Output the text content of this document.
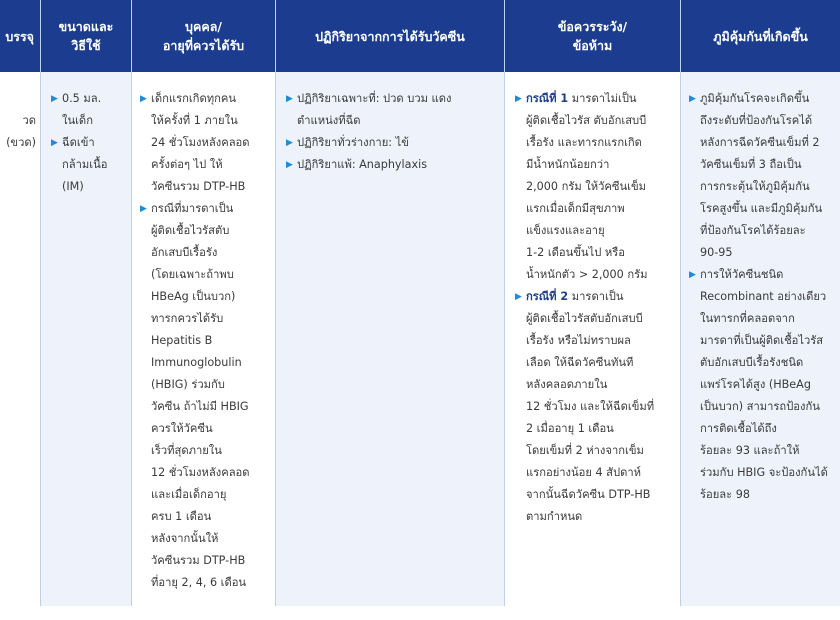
บรรจุ
วด
(ขวด)
ขนาดและ
วิธีใช้
▶ 0.5 มล.
ในเด็ก
▶ ฉีดเข้า
กล้ามเนื้อ
(IM)
บุคคล/
อายุที่ควรได้รับ
▶ เด็กแรกเกิดทุกคน
ให้ครั้งที่ 1 ภายใน
24 ชั่วโมงหลังคลอด
ครั้งต่อๆ ไป ให้
วัคซีนรวม DTP-HB
▶ กรณีที่มารดาเป็น
ผู้ติดเชื้อไวรัสตับ
อักเสบบีเรื้อรัง
(โดยเฉพาะถ้าพบ
HBeAg เป็นบวก)
ทารกควรได้รับ
Hepatitis B
Immunoglobulin
(HBIG) ร่วมกับ
วัคซีน ถ้าไม่มี HBIG
ควรให้วัคซีน
เร็วที่สุดภายใน
12 ชั่วโมงหลังคลอด
และเมื่อเด็กอายุ
ครบ 1 เดือน
หลังจากนั้นให้
วัคซีนรวม DTP-HB
ที่อายุ 2, 4, 6 เดือน
ปฏิกิริยาจากการได้รับวัคซีน
▶ ปฏิกิริยาเฉพาะที่: ปวด บวม แดง
ตำแหน่งที่ฉีด
▶ ปฏิกิริยาทั่วร่างกาย: ไข้
▶ ปฏิกิริยาแพ้: Anaphylaxis
ข้อควรระวัง/
ข้อห้าม
▶ กรณีที่ 1 มารดาไม่เป็น
ผู้ติดเชื้อไวรัส ตับอักเสบบี
เรื้อรัง และทารกแรกเกิด
มีน้ำหนักน้อยกว่า
2,000 กรัม ให้วัคซีนเข็ม
แรกเมื่อเด็กมีสุขภาพ
แข็งแรงและอายุ
1-2 เดือนขึ้นไป หรือ
น้ำหนักตัว > 2,000 กรัม
▶ กรณีที่ 2 มารดาเป็น
ผู้ติดเชื้อไวรัสตับอักเสบบี
เรื้อรัง หรือไม่ทราบผล
เลือด ให้ฉีดวัคซีนทันที
หลังคลอดภายใน
12 ชั่วโมง และให้ฉีดเข็มที่
2 เมื่ออายุ 1 เดือน
โดยเข็มที่ 2 ห่างจากเข็ม
แรกอย่างน้อย 4 สัปดาห์
จากนั้นฉีดวัคซีน DTP-HB
ตามกำหนด
ภูมิคุ้มกันที่เกิดขึ้น
▶ ภูมิคุ้มกันโรคจะเกิดขึ้น
ถึงระดับที่ป้องกันโรคได้
หลังการฉีดวัคซีนเข็มที่ 2
วัคซีนเข็มที่ 3 ถือเป็น
การกระตุ้นให้ภูมิคุ้มกัน
โรคสูงขึ้น และมีภูมิคุ้มกัน
ที่ป้องกันโรคได้ร้อยละ
90-95
▶ การให้วัคซีนชนิด
Recombinant อย่างเดียว
ในทารกที่คลอดจาก
มารดาที่เป็นผู้ติดเชื้อไวรัส
ตับอักเสบบีเรื้อรังชนิด
แพร่โรคได้สูง (HBeAg
เป็นบวก) สามารถป้องกัน
การติดเชื้อได้ถึง
ร้อยละ 93 และถ้าให้
ร่วมกับ HBIG จะป้องกันได้
ร้อยละ 98
